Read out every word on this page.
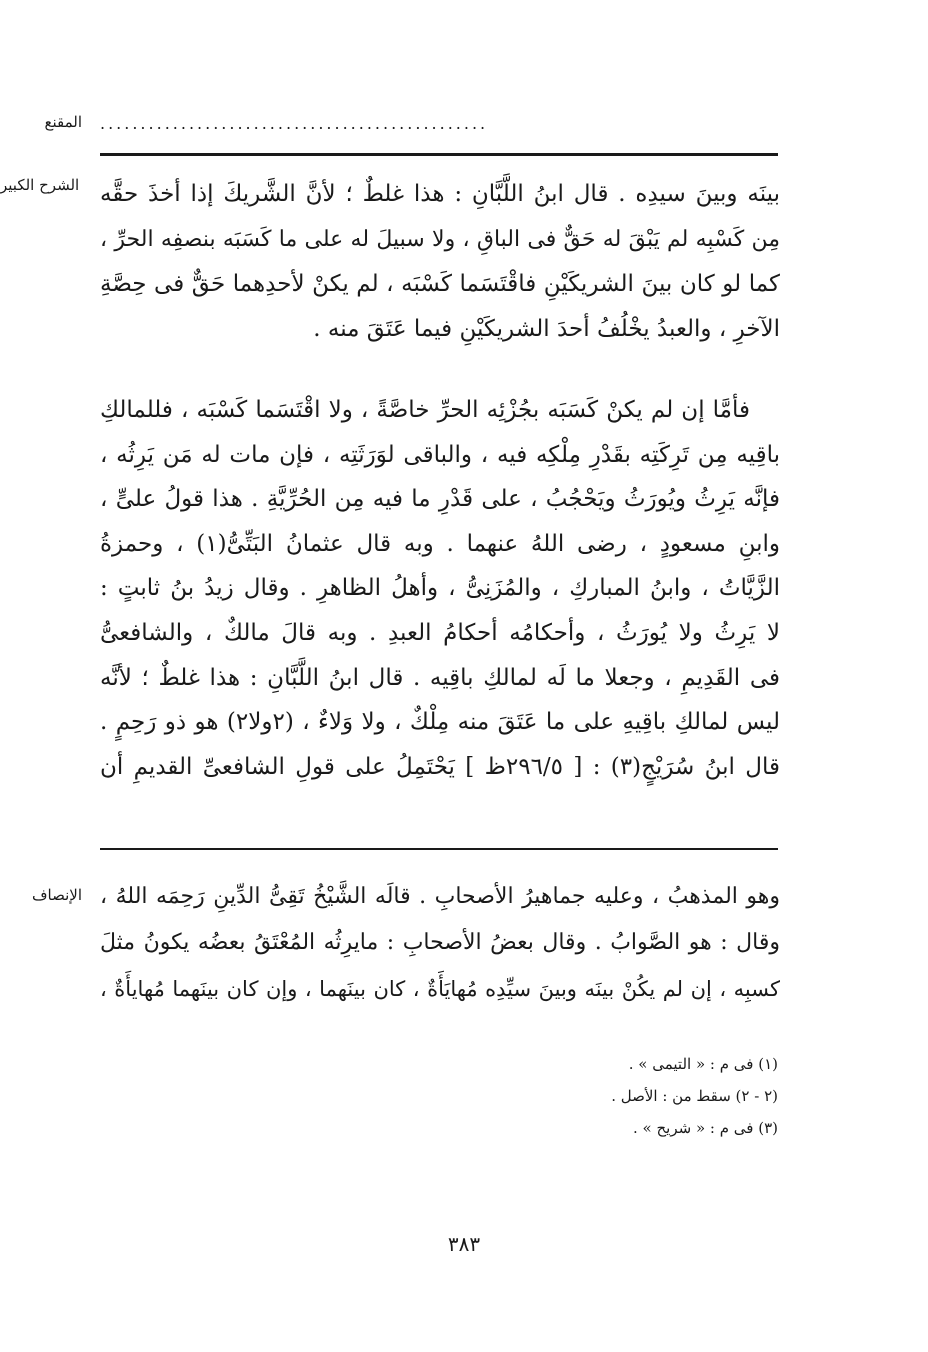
المقنع ................................................
الشرح الكبير بينَه وبينَ سيدِه . قال ابنُ اللَّبَّانِ : هذا غلطٌ ؛ لأنَّ الشَّريكَ إذا أخذَ حقَّه
مِن كَسْبِه لم يَبْقَ له حَقٌّ فى الباقِ ، ولا سبيلَ له على ما كَسَبَه بنصفِه الحرِّ ،
كما لو كان بينَ الشريكَيْنِ فاقْتَسَما كَسْبَه ، لم يكنْ لأحدِهما حَقٌّ فى حِصَّةِ
الآخرِ ، والعبدُ يخْلُفُ أحدَ الشريكَيْنِ فيما عَتَقَ منه .
فأمَّا إن لم يكنْ كَسَبَه بجُزْئِه الحرِّ خاصَّةً ، ولا اقْتَسَما كَسْبَه ، فللمالكِ
باقِيه مِن تَرِكَتِه بقَدْرِ مِلْكِه فيه ، والباقى لوَرَثَتِه ، فإن مات له مَن يَرِثُه ،
فإنَّه يَرِثُ ويُورَثُ ويَحْجُبُ ، على قَدْرِ ما فيه مِن الحُرِّيَّةِ . هذا قولُ علىٍّ ،
وابنِ مسعودٍ ، رضى اللهُ عنهما . وبه قال عثمانُ البَتِّىُّ(١) ، وحمزةُ
الزَّيَّاتُ ، وابنُ المباركِ ، والمُزَنِىُّ ، وأهلُ الظاهرِ . وقال زيدُ بنُ ثابتٍ :
لا يَرِثُ ولا يُورَثُ ، وأحكامُه أحكامُ العبدِ . وبه قالَ مالكٌ ، والشافعىُّ
فى القَدِيمِ ، وجعلا ما لَه لمالكِ باقِيه . قال ابنُ اللَّبَّانِ : هذا غلطٌ ؛ لأنَّه
ليس لمالكِ باقِيهِ على ما عَتَقَ منه مِلْكٌ ، ولا وَلاءٌ ، (٢ولا٢) هو ذو رَحِمٍ .
قال ابنُ سُرَيْجٍ(٣) : [ ٢٩٦/٥ظ ] يَحْتَمِلُ على قولِ الشافعىِّ القديمِ أن
الإنصاف وهو المذهبُ ، وعليه جماهيرُ الأصحابِ . قالَه الشَّيْخُ تَقِىُّ الدِّينِ رَحِمَه اللهُ ،
وقال : هو الصَّوابُ . وقال بعضُ الأصحابِ : مايرِثُه المُعْتَقُ بعضُه يكونُ مثلَ
كسبِه ، إن لم يكُنْ بينَه وبينَ سيِّدِه مُهايَأَةٌ ، كان بينَهما ، وإن كان بينَهما مُهايأَةٌ ،
(١) فى م : « التيمى » .
(٢ - ٢) سقط من : الأصل .
(٣) فى م : « شريح » .
٣٨٣
